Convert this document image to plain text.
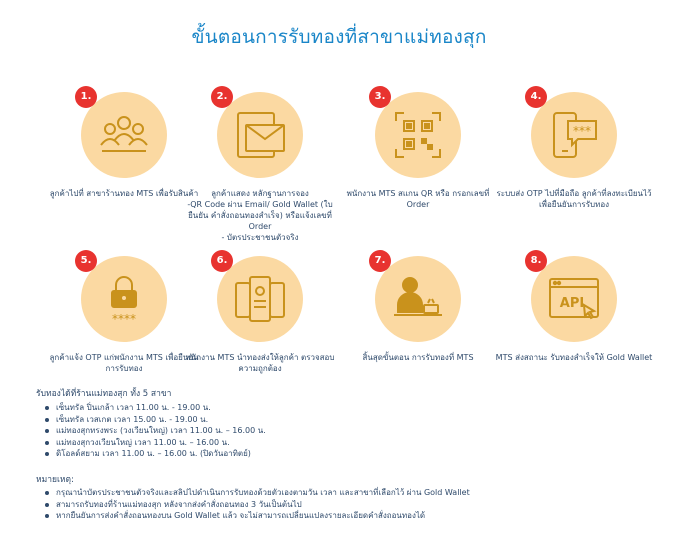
ขั้นตอนการรับทองที่สาขาแม่ทองสุก
1.
ลูกค้าไปที่ สาขาร้านทอง MTS เพื่อรับสินค้า
2.
ลูกค้าแสดง หลักฐานการจอง
-QR Code ผ่าน Email/ Gold Wallet (ใบยืนยัน คำสั่งถอนทองสำเร็จ) หรือแจ้งเลขที่ Order
- บัตรประชาชนตัวจริง
3.
พนักงาน MTS สแกน QR หรือ กรอกเลขที่ Order
4.
***
ระบบส่ง OTP ไปที่มือถือ ลูกค้าที่ลงทะเบียนไว้ เพื่อยืนยันการรับทอง
5.
****
ลูกค้าแจ้ง OTP แก่พนักงาน MTS เพื่อยืนยัน การรับทอง
6.
พนักงาน MTS นำทองส่งให้ลูกค้า ตรวจสอบความถูกต้อง
7.
สิ้นสุดขั้นตอน การรับทองที่ MTS
8.
API
MTS ส่งสถานะ รับทองสำเร็จให้ Gold Wallet
รับทองได้ที่ร้านแม่ทองสุก ทั้ง 5 สาขา
เซ็นทรัล ปิ่นเกล้า เวลา 11.00 น. - 19.00 น.
เซ็นทรัล เวสเกต เวลา 15.00 น. - 19.00 น.
แม่ทองสุกทรงพระ (วงเวียนใหญ่) เวลา 11.00 น. – 16.00 น.
แม่ทองสุกวงเวียนใหญ่ เวลา 11.00 น. – 16.00 น.
ดิโอลด์สยาม เวลา 11.00 น. – 16.00 น. (ปิดวันอาทิตย์)
หมายเหตุ:
กรุณานำบัตรประชาชนตัวจริงและสลิปไปดำเนินการรับทองด้วยตัวเองตามวัน เวลา และสาขาที่เลือกไว้ ผ่าน Gold Wallet
สามารถรับทองที่ร้านแม่ทองสุก หลังจากส่งคำสั่งถอนทอง 3 วันเป็นต้นไป
หากยืนยันการส่งคำสั่งถอนทองบน Gold Wallet แล้ว จะไม่สามารถเปลี่ยนแปลงรายละเอียดคำสั่งถอนทองได้
